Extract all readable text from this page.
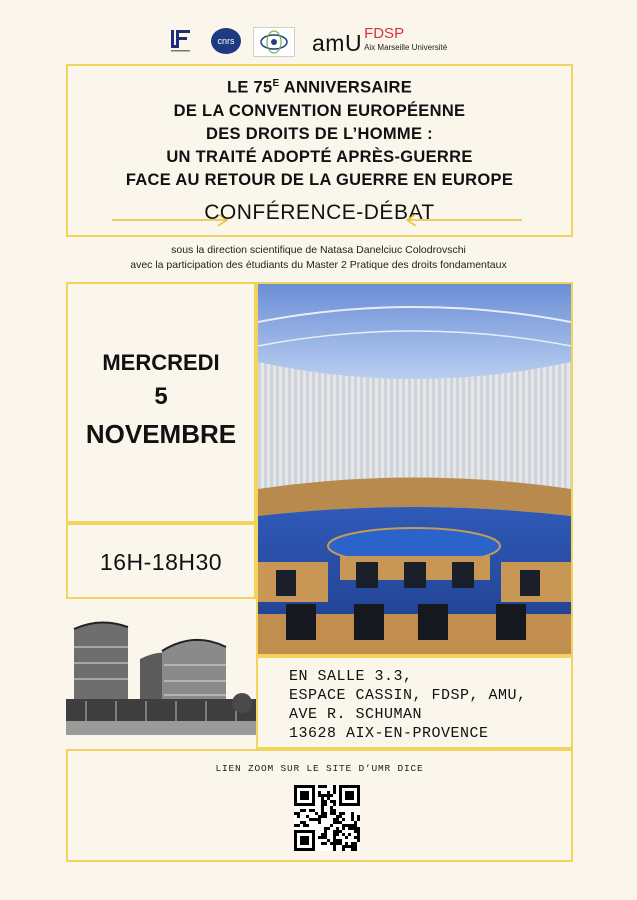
cnrs	amU FDSP
Aix Marseille Université
LE $75^E$ ANNIVERSAIRE
DE LA CONVENTION EUROPÉENNE
DES DROITS DE L’HOMME :
UN TRAITÉ ADOPTÉ APRÈS-GUERRE
FACE AU RETOUR DE LA GUERRE EN EUROPE
CONFÉRENCE-DÉBAT
sous la direction scientifique de Natasa Danelciuc Colodrovschi
avec la participation des étudiants du Master 2 Pratique des droits fondamentaux
MERCREDI
5
NOVEMBRE
16H-18H30
EN SALLE 3.3,
ESPACE CASSIN, FDSP, AMU,
AVE R. SCHUMAN
13628 AIX-EN-PROVENCE
LIEN ZOOM SUR LE SITE D’UMR DICE
